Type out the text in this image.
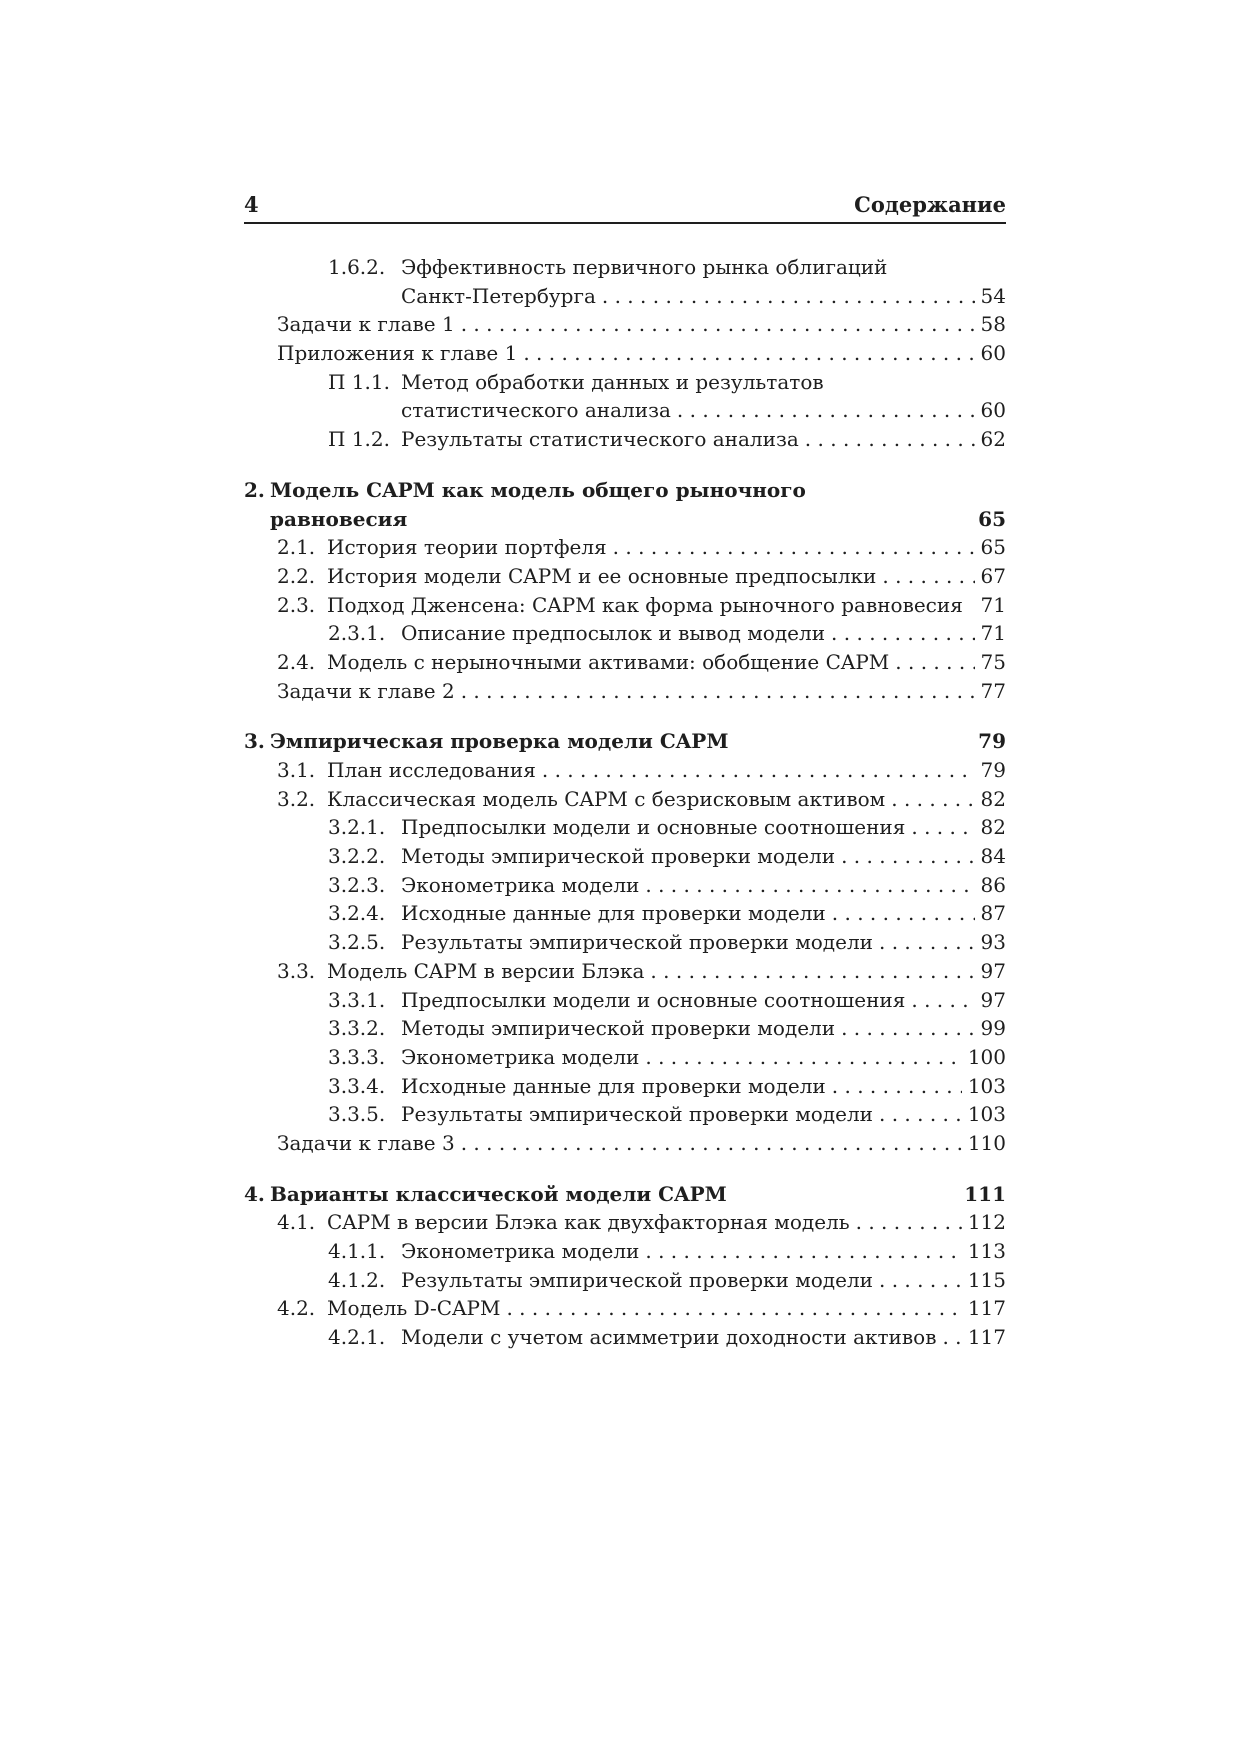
4	Содержание
1.6.2. Эффективность первичного рынка облигаций
Санкт-Петербурга . . .	54
Задачи к главе 1 . . .	58
Приложения к главе 1 . . .	60
П 1.1. Метод обработки данных и результатов
статистического анализа . . .	60
П 1.2. Результаты статистического анализа . . .	62
2. Модель CAPM как модель общего рыночного
равновесия	65
2.1. История теории портфеля . . .	65
2.2. История модели CAPM и ее основные предпосылки . . .	67
2.3. Подход Дженсена: CAPM как форма рыночного равновесия 71
2.3.1. Описание предпосылок и вывод модели . . .	71
2.4. Модель с нерыночными активами: обобщение CAPM . . .	75
Задачи к главе 2 . . .	77
3. Эмпирическая проверка модели CAPM	79
3.1. План исследования . . .	79
3.2. Классическая модель CAPM с безрисковым активом . . .	82
3.2.1. Предпосылки модели и основные соотношения . . .	82
3.2.2. Методы эмпирической проверки модели . . .	84
3.2.3. Эконометрика модели . . .	86
3.2.4. Исходные данные для проверки модели . . .	87
3.2.5. Результаты эмпирической проверки модели . . .	93
3.3. Модель CAPM в версии Блэка . . .	97
3.3.1. Предпосылки модели и основные соотношения . . .	97
3.3.2. Методы эмпирической проверки модели . . .	99
3.3.3. Эконометрика модели . . .	100
3.3.4. Исходные данные для проверки модели . . .	103
3.3.5. Результаты эмпирической проверки модели . . .	103
Задачи к главе 3 . . .	110
4. Варианты классической модели CAPM	111
4.1. CAPM в версии Блэка как двухфакторная модель . . .	112
4.1.1. Эконометрика модели . . .	113
4.1.2. Результаты эмпирической проверки модели . . .	115
4.2. Модель D-CAPM . . .	117
4.2.1. Модели с учетом асимметрии доходности активов . . . 117
